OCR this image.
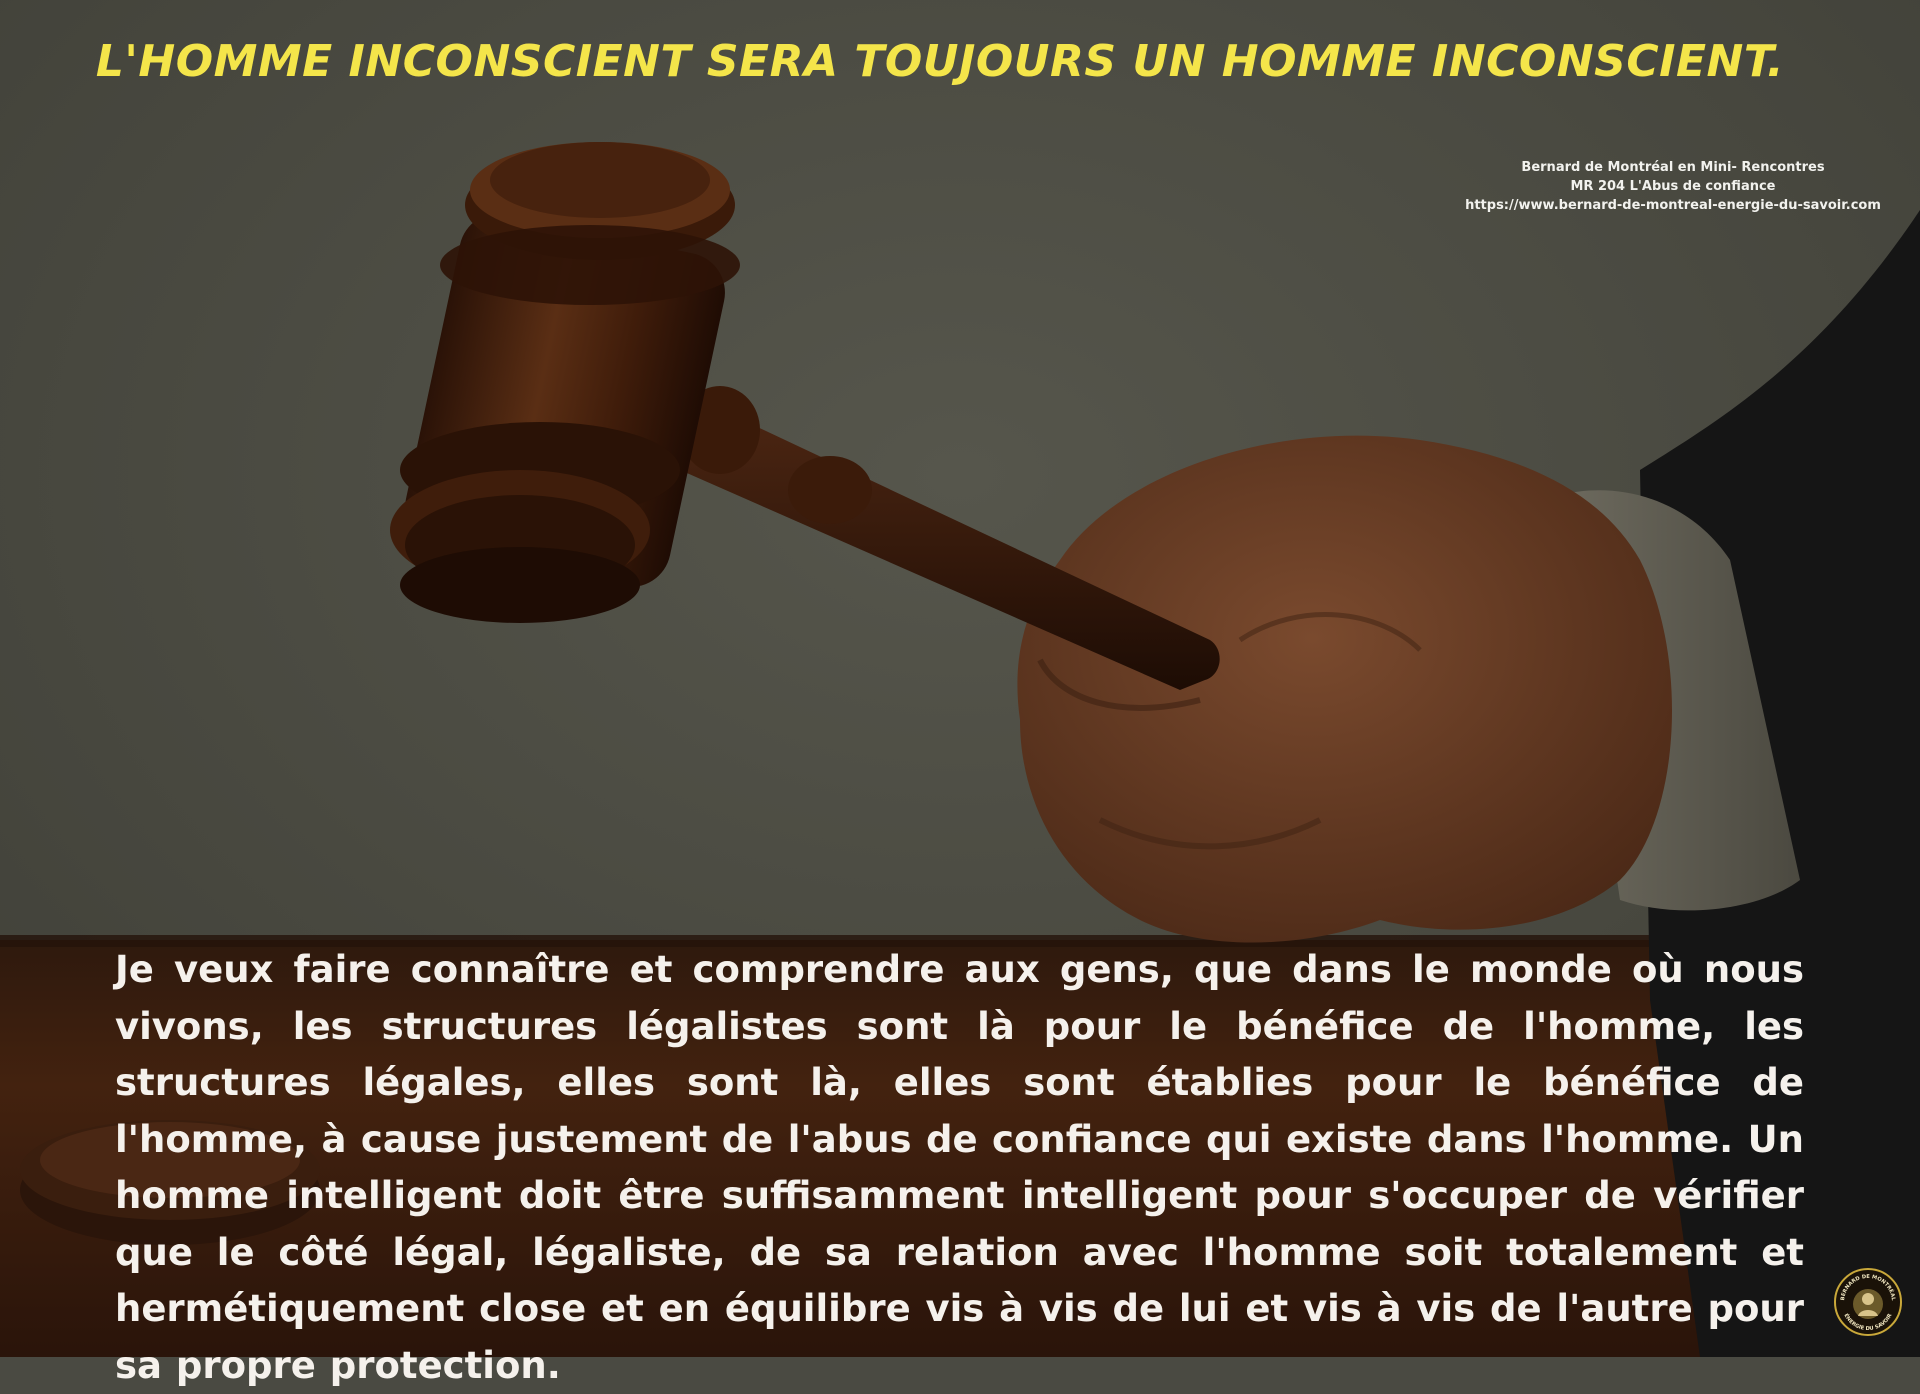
L'HOMME INCONSCIENT SERA TOUJOURS UN HOMME INCONSCIENT.
Bernard de Montréal en Mini- Rencontres
MR 204 L'Abus de confiance
https://www.bernard-de-montreal-energie-du-savoir.com

Je veux faire connaître et comprendre aux gens, que dans le monde où nous vivons, les structures légalistes sont là pour le bénéfice de l'homme, les structures légales, elles sont là, elles sont établies pour le bénéfice de l'homme, à cause justement de l'abus de confiance qui existe dans l'homme. Un homme intelligent doit être suffisamment intelligent pour s'occuper de vérifier que le côté légal, légaliste, de sa relation avec l'homme soit totalement et hermétiquement close et en équilibre vis à vis de lui et vis à vis de l'autre pour sa propre protection.

BERNARD DE MONTRÉAL
ÉNERGIE DU SAVOIR
